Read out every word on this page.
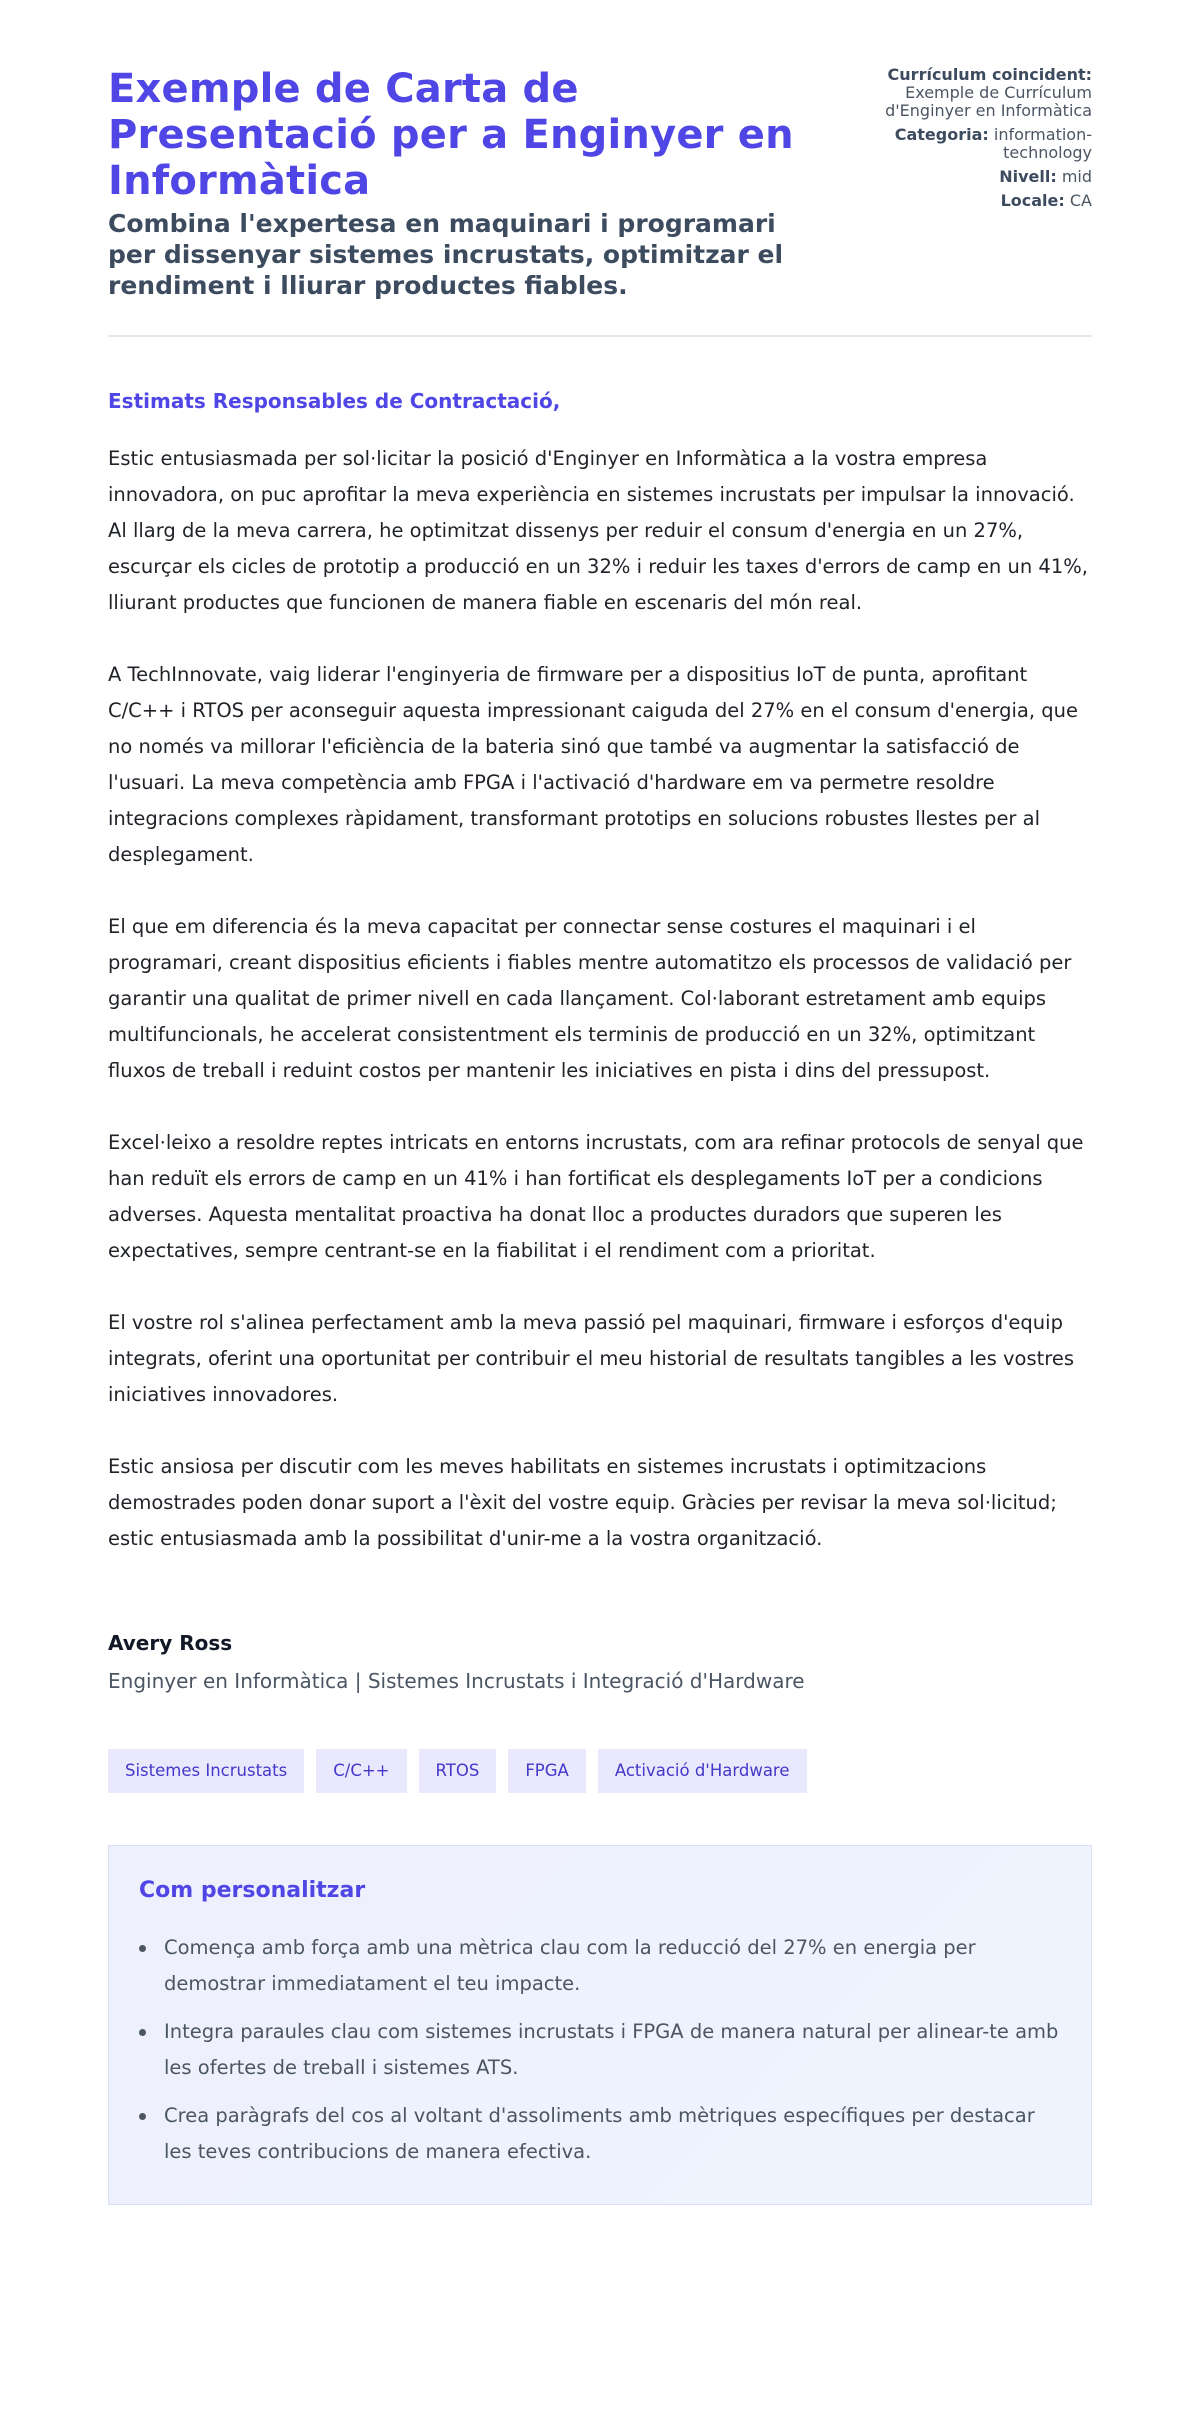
Exemple de Carta de Presentació per a Enginyer en Informàtica
Combina l'expertesa en maquinari i programari per dissenyar sistemes incrustats, optimitzar el rendiment i lliurar productes fiables.
Currículum coincident:
Exemple de Currículum d'Enginyer en Informàtica
Categoria: information-technology
Nivell: mid
Locale: CA

Estimats Responsables de Contractació,

Estic entusiasmada per sol·licitar la posició d'Enginyer en Informàtica a la vostra empresa innovadora, on puc aprofitar la meva experiència en sistemes incrustats per impulsar la innovació. Al llarg de la meva carrera, he optimitzat dissenys per reduir el consum d'energia en un 27%, escurçar els cicles de prototip a producció en un 32% i reduir les taxes d'errors de camp en un 41%, lliurant productes que funcionen de manera fiable en escenaris del món real.

A TechInnovate, vaig liderar l'enginyeria de firmware per a dispositius IoT de punta, aprofitant C/C++ i RTOS per aconseguir aquesta impressionant caiguda del 27% en el consum d'energia, que no només va millorar l'eficiència de la bateria sinó que també va augmentar la satisfacció de l'usuari. La meva competència amb FPGA i l'activació d'hardware em va permetre resoldre integracions complexes ràpidament, transformant prototips en solucions robustes llestes per al desplegament.

El que em diferencia és la meva capacitat per connectar sense costures el maquinari i el programari, creant dispositius eficients i fiables mentre automatitzo els processos de validació per garantir una qualitat de primer nivell en cada llançament. Col·laborant estretament amb equips multifuncionals, he accelerat consistentment els terminis de producció en un 32%, optimitzant fluxos de treball i reduint costos per mantenir les iniciatives en pista i dins del pressupost.

Excel·leixo a resoldre reptes intricats en entorns incrustats, com ara refinar protocols de senyal que han reduït els errors de camp en un 41% i han fortificat els desplegaments IoT per a condicions adverses. Aquesta mentalitat proactiva ha donat lloc a productes duradors que superen les expectatives, sempre centrant-se en la fiabilitat i el rendiment com a prioritat.

El vostre rol s'alinea perfectament amb la meva passió pel maquinari, firmware i esforços d'equip integrats, oferint una oportunitat per contribuir el meu historial de resultats tangibles a les vostres iniciatives innovadores.

Estic ansiosa per discutir com les meves habilitats en sistemes incrustats i optimitzacions demostrades poden donar suport a l'èxit del vostre equip. Gràcies per revisar la meva sol·licitud; estic entusiasmada amb la possibilitat d'unir-me a la vostra organització.

Avery Ross
Enginyer en Informàtica | Sistemes Incrustats i Integració d'Hardware
Sistemes Incrustats	C/C++	RTOS	FPGA	Activació d'Hardware
Com personalitzar
Comença amb força amb una mètrica clau com la reducció del 27% en energia per demostrar immediatament el teu impacte.
Integra paraules clau com sistemes incrustats i FPGA de manera natural per alinear-te amb les ofertes de treball i sistemes ATS.
Crea paràgrafs del cos al voltant d'assoliments amb mètriques específiques per destacar les teves contribucions de manera efectiva.
